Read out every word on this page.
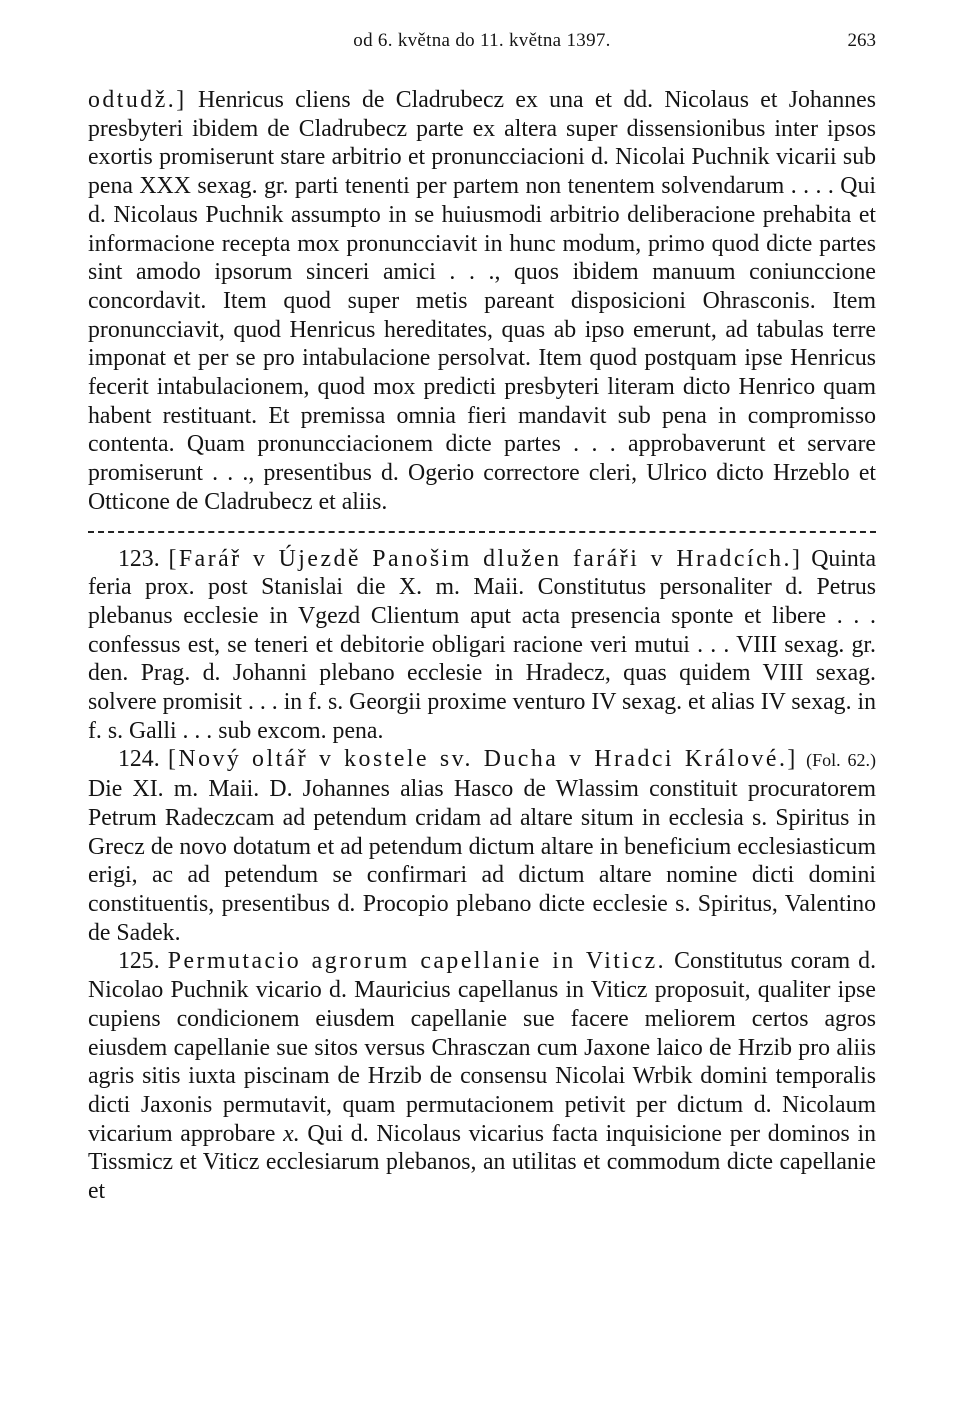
od 6. května do 11. května 1397.	263

odtudž.] Henricus cliens de Cladrubecz ex una et dd. Nicolaus et Johannes presbyteri ibidem de Cladrubecz parte ex altera super dissensionibus inter ipsos exortis promiserunt stare arbitrio et pronuncciacioni d. Nicolai Puchnik vicarii sub pena XXX sexag. gr. parti tenenti per partem non tenentem solvendarum . . . . Qui d. Nicolaus Puchnik assumpto in se huiusmodi arbitrio deliberacione prehabita et informacione recepta mox pronuncciavit in hunc modum, primo quod dicte partes sint amodo ipsorum sinceri amici . . ., quos ibidem manuum coniunccione concordavit. Item quod super metis pareant disposicioni Ohrasconis. Item pronuncciavit, quod Henricus hereditates, quas ab ipso emerunt, ad tabulas terre imponat et per se pro intabulacione persolvat. Item quod postquam ipse Henricus fecerit intabulacionem, quod mox predicti presbyteri literam dicto Henrico quam habent restituant. Et premissa omnia fieri mandavit sub pena in compromisso contenta. Quam pronuncciacionem dicte partes . . . approbaverunt et servare promiserunt . . ., presentibus d. Ogerio correctore cleri, Ulrico dicto Hrzeblo et Otticone de Cladrubecz et aliis.

123. [Farář v Újezdě Panošim dlužen faráři v Hradcích.] Quinta feria prox. post Stanislai die X. m. Maii. Constitutus personaliter d. Petrus plebanus ecclesie in Vgezd Clientum aput acta presencia sponte et libere . . . confessus est, se teneri et debitorie obligari racione veri mutui . . . VIII sexag. gr. den. Prag. d. Johanni plebano ecclesie in Hradecz, quas quidem VIII sexag. solvere promisit . . . in f. s. Georgii proxime venturo IV sexag. et alias IV sexag. in f. s. Galli . . . sub excom. pena.

124. [Nový oltář v kostele sv. Ducha v Hradci Králové.] (Fol. 62.) Die XI. m. Maii. D. Johannes alias Hasco de Wlassim constituit procuratorem Petrum Radeczcam ad petendum cridam ad altare situm in ecclesia s. Spiritus in Grecz de novo dotatum et ad petendum dictum altare in beneficium ecclesiasticum erigi, ac ad petendum se confirmari ad dictum altare nomine dicti domini constituentis, presentibus d. Procopio plebano dicte ecclesie s. Spiritus, Valentino de Sadek.

125. Permutacio agrorum capellanie in Viticz. Constitutus coram d. Nicolao Puchnik vicario d. Mauricius capellanus in Viticz proposuit, qualiter ipse cupiens condicionem eiusdem capellanie sue facere meliorem certos agros eiusdem capellanie sue sitos versus Chrasczan cum Jaxone laico de Hrzib pro aliis agris sitis iuxta piscinam de Hrzib de consensu Nicolai Wrbik domini temporalis dicti Jaxonis permutavit, quam permutacionem petivit per dictum d. Nicolaum vicarium approbare x. Qui d. Nicolaus vicarius facta inquisicione per dominos in Tissmicz et Viticz ecclesiarum plebanos, an utilitas et commodum dicte capellanie et
